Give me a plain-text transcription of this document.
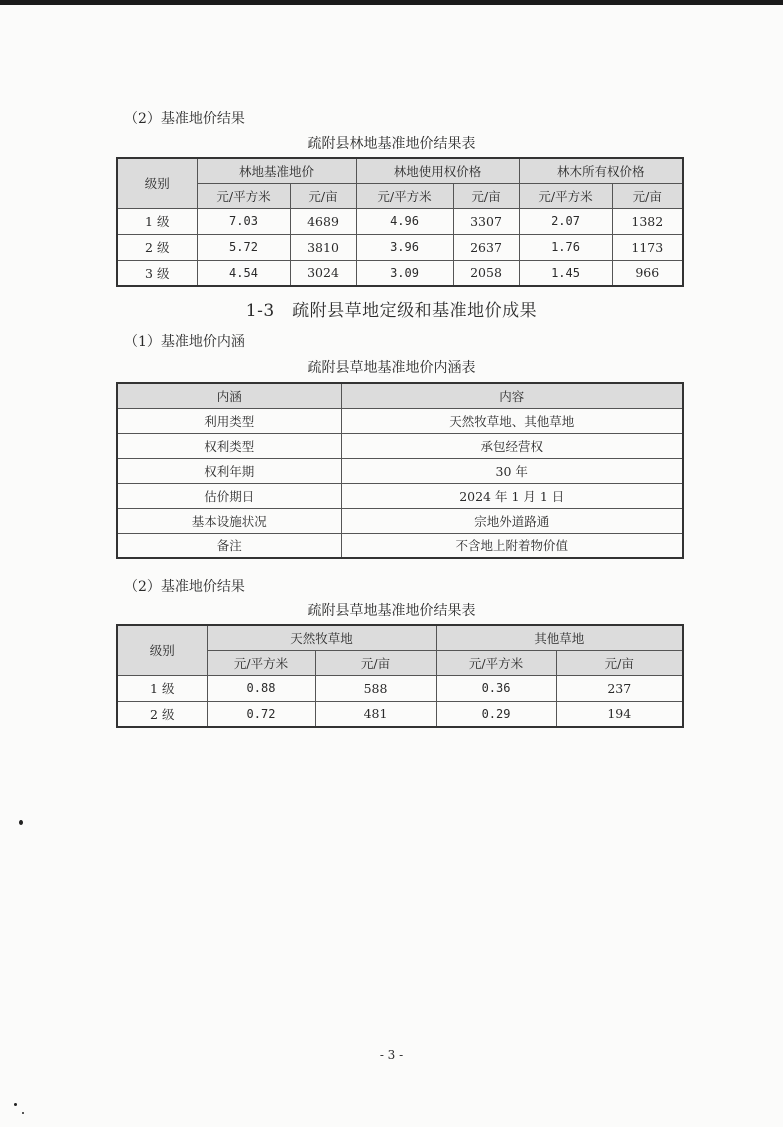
（2）基准地价结果
疏附县林地基准地价结果表
级别	林地基准地价		林地使用权价格		林木所有权价格	
	元/平方米	元/亩	元/平方米	元/亩	元/平方米	元/亩
1 级	7.03	4689	4.96	3307	2.07	1382
2 级	5.72	3810	3.96	2637	1.76	1173
3 级	4.54	3024	3.09	2058	1.45	966
1-3　疏附县草地定级和基准地价成果
（1）基准地价内涵
疏附县草地基准地价内涵表
内涵	内容
利用类型	天然牧草地、其他草地
权利类型	承包经营权
权利年期	30 年
估价期日	2024 年 1 月 1 日
基本设施状况	宗地外道路通
备注	不含地上附着物价值
（2）基准地价结果
疏附县草地基准地价结果表
级别	天然牧草地		其他草地	
	元/平方米	元/亩	元/平方米	元/亩
1 级	0.88	588	0.36	237
2 级	0.72	481	0.29	194
- 3 -
